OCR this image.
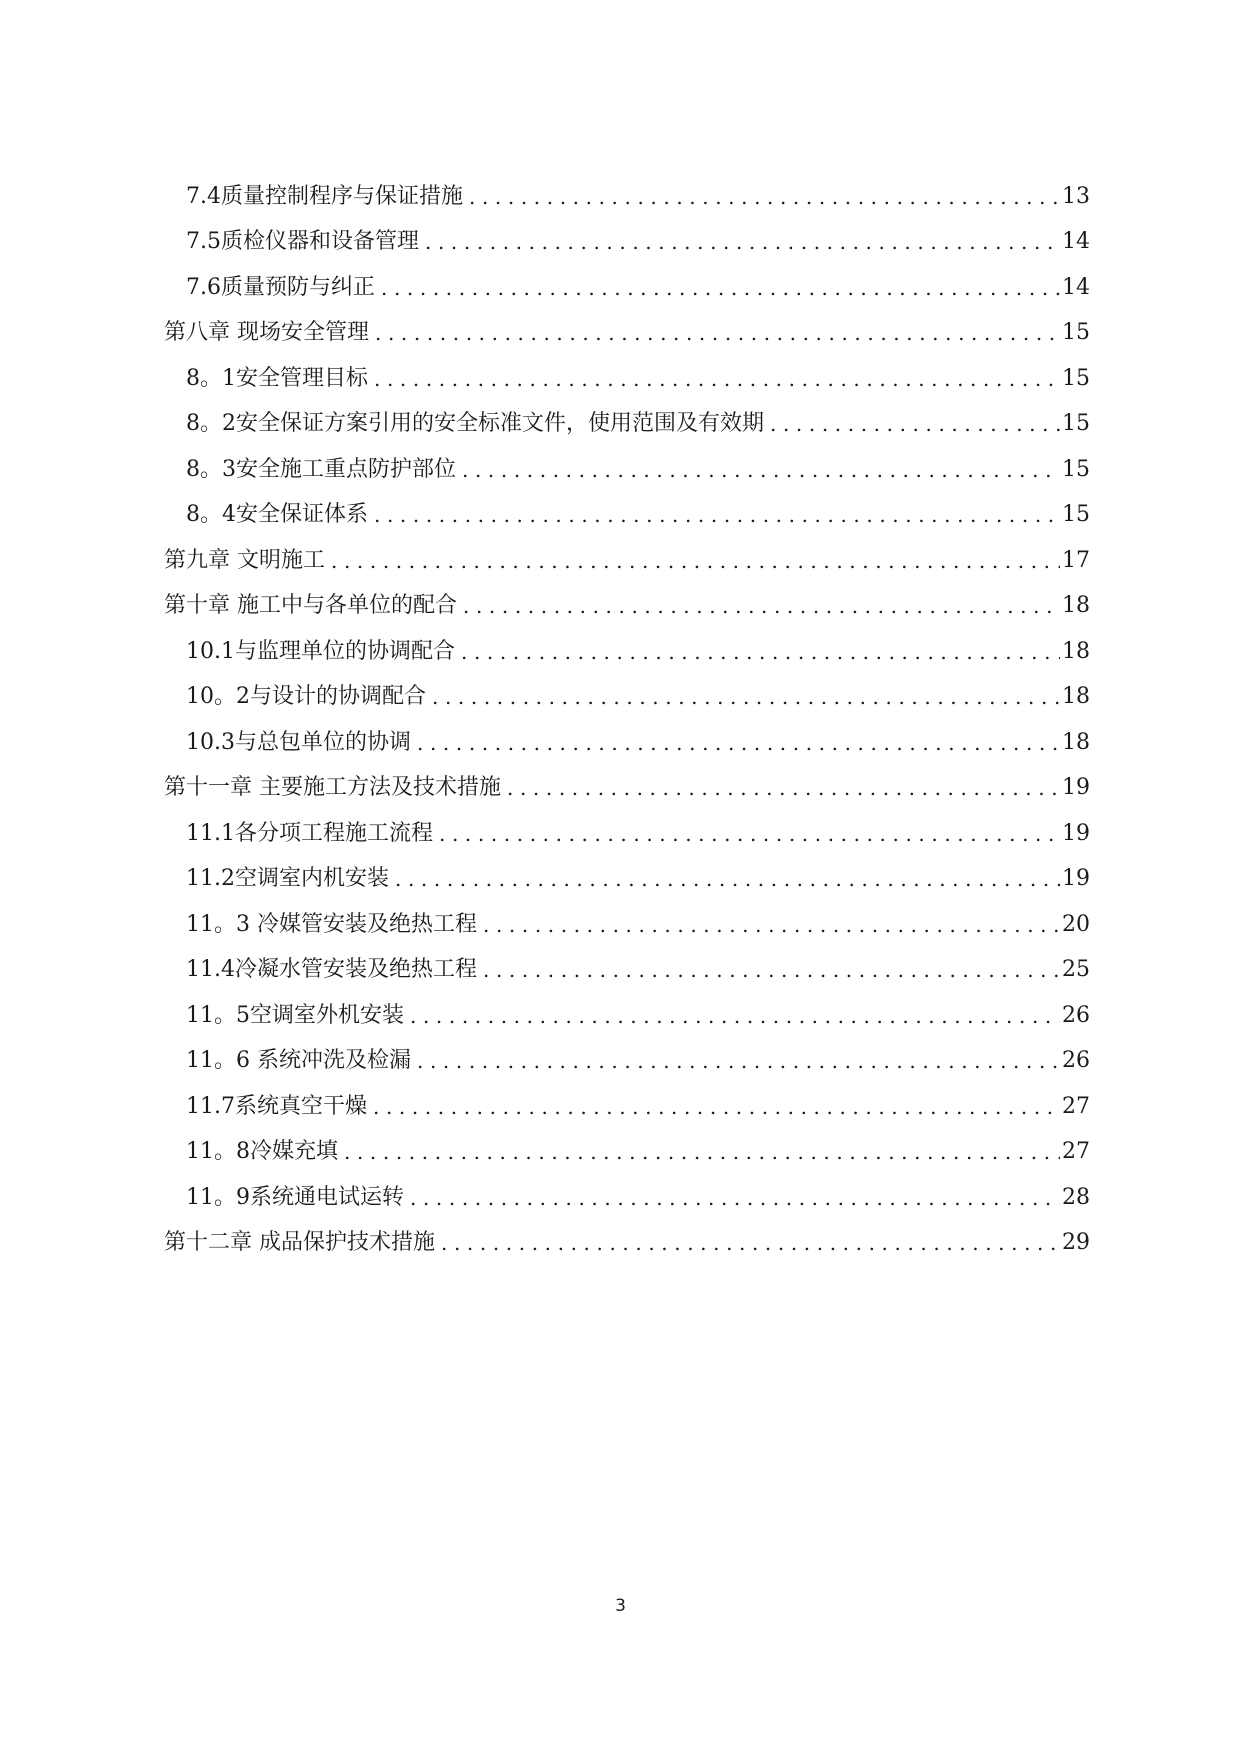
7.4质量控制程序与保证措施 .....	13
7.5质检仪器和设备管理 .....	14
7.6质量预防与纠正 .....	14
第八章 现场安全管理 .....	15
8。1安全管理目标 .....	15
8。2安全保证方案引用的安全标准文件，使用范围及有效期 .....	15
8。3安全施工重点防护部位 .....	15
8。4安全保证体系 .....	15
第九章 文明施工 .....	17
第十章 施工中与各单位的配合 .....	18
10.1与监理单位的协调配合 .....	18
10。2与设计的协调配合 .....	18
10.3与总包单位的协调 .....	18
第十一章 主要施工方法及技术措施 .....	19
11.1各分项工程施工流程 .....	19
11.2空调室内机安装 .....	19
11。3 冷媒管安装及绝热工程 .....	20
11.4冷凝水管安装及绝热工程 .....	25
11。5空调室外机安装 .....	26
11。6 系统冲洗及检漏 .....	26
11.7系统真空干燥 .....	27
11。8冷媒充填 .....	27
11。9系统通电试运转 .....	28
第十二章 成品保护技术措施 .....	29
3
